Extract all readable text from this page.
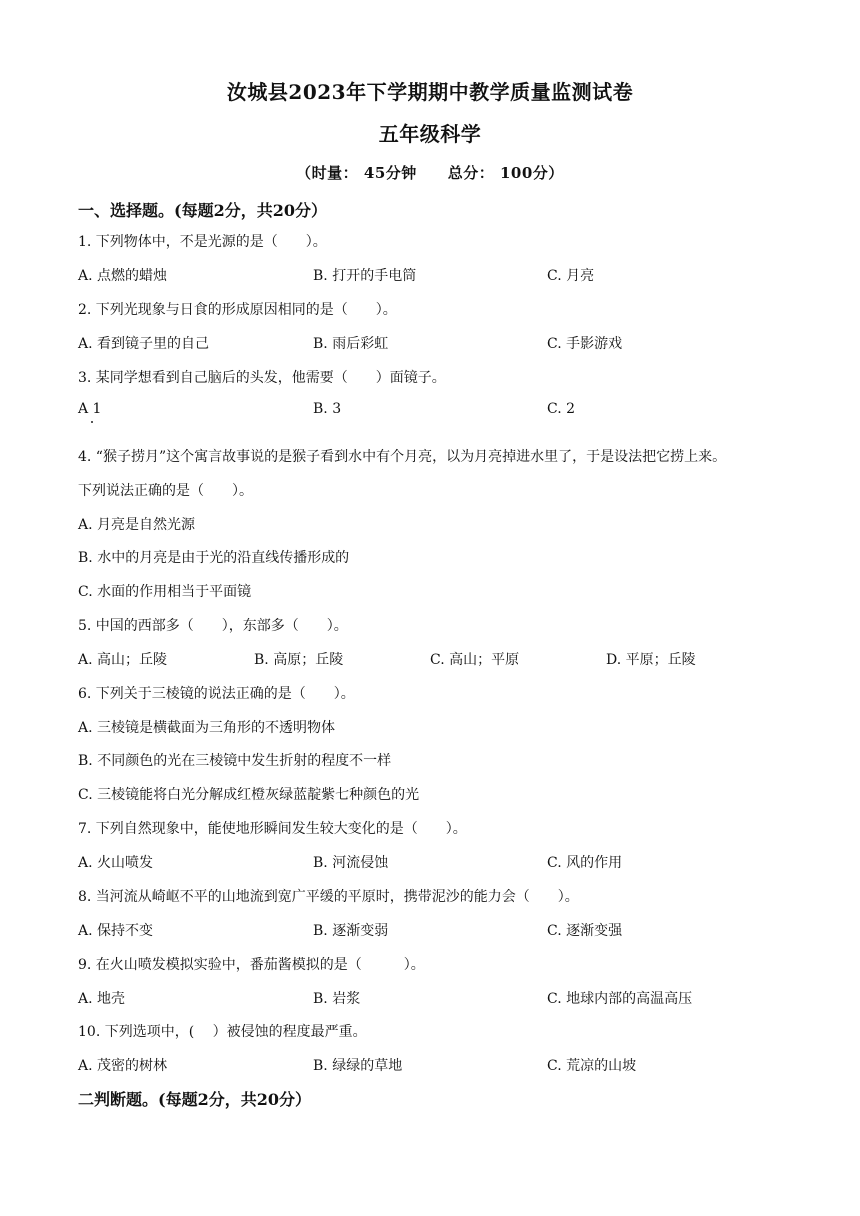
汝城县2023年下学期期中教学质量监测试卷
五年级科学
（时量： 45分钟　　总分： 100分）
一、选择题。(每题2分，共20分）
1. 下列物体中，不是光源的是（　　）。
A. 点燃的蜡烛	B. 打开的手电筒	C. 月亮
2. 下列光现象与日食的形成原因相同的是（　　）。
A. 看到镜子里的自己	B. 雨后彩虹	C. 手影游戏
3. 某同学想看到自己脑后的头发，他需要（　　）面镜子。
A 1	B. 3	C. 2
4. “猴子捞月”这个寓言故事说的是猴子看到水中有个月亮，以为月亮掉进水里了，于是设法把它捞上来。
下列说法正确的是（　　）。
A. 月亮是自然光源
B. 水中的月亮是由于光的沿直线传播形成的
C. 水面的作用相当于平面镜
5. 中国的西部多（　　），东部多（　　）。
A. 高山；丘陵	B. 高原；丘陵	C. 高山；平原	D. 平原；丘陵
6. 下列关于三棱镜的说法正确的是（　　）。
A. 三棱镜是横截面为三角形的不透明物体
B. 不同颜色的光在三棱镜中发生折射的程度不一样
C. 三棱镜能将白光分解成红橙灰绿蓝靛紫七种颜色的光
7. 下列自然现象中，能使地形瞬间发生较大变化的是（　　）。
A. 火山喷发	B. 河流侵蚀	C. 风的作用
8. 当河流从崎岖不平的山地流到宽广平缓的平原时，携带泥沙的能力会（　　）。
A. 保持不变	B. 逐渐变弱	C. 逐渐变强
9. 在火山喷发模拟实验中，番茄酱模拟的是（　　　）。
A. 地壳	B. 岩浆	C. 地球内部的高温高压
10. 下列选项中，(　 ）被侵蚀的程度最严重。
A. 茂密的树林	B. 绿绿的草地	C. 荒凉的山坡
二判断题。(每题2分，共20分）
